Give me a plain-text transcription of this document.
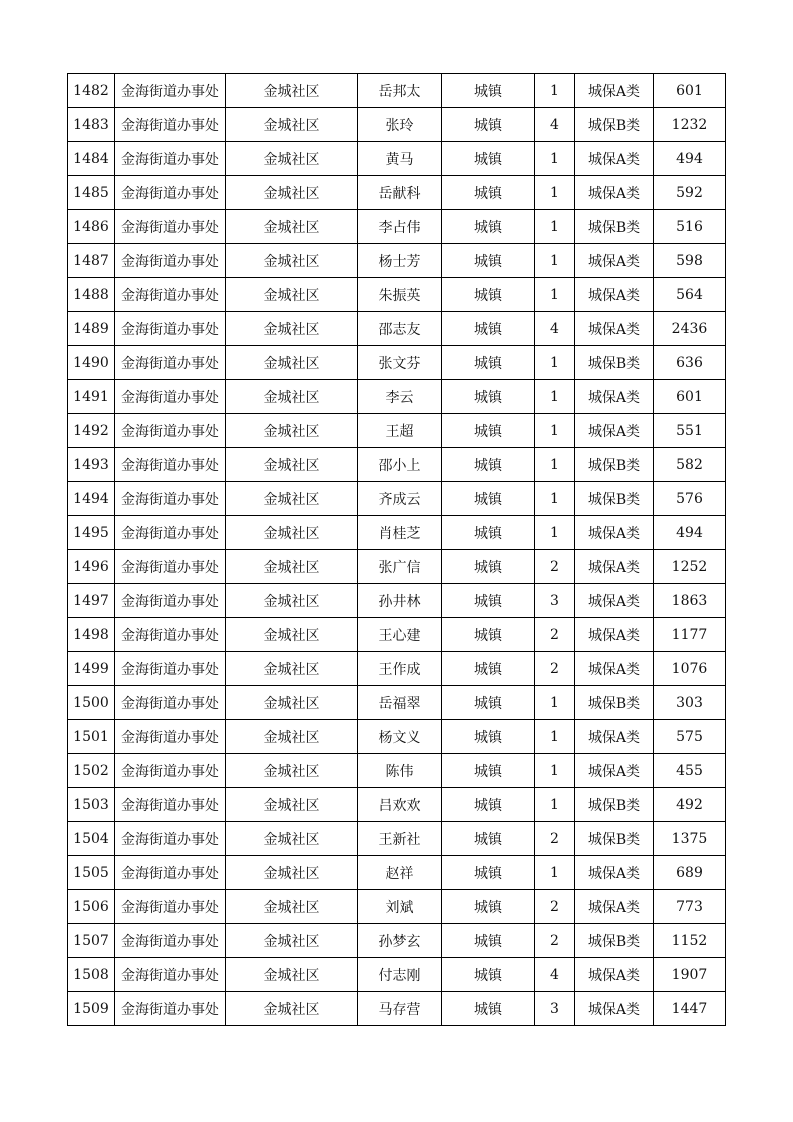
1482	金海街道办事处	金城社区	岳邦太	城镇	1	城保A类	601
1483	金海街道办事处	金城社区	张玲	城镇	4	城保B类	1232
1484	金海街道办事处	金城社区	黄马	城镇	1	城保A类	494
1485	金海街道办事处	金城社区	岳献科	城镇	1	城保A类	592
1486	金海街道办事处	金城社区	李占伟	城镇	1	城保B类	516
1487	金海街道办事处	金城社区	杨士芳	城镇	1	城保A类	598
1488	金海街道办事处	金城社区	朱振英	城镇	1	城保A类	564
1489	金海街道办事处	金城社区	邵志友	城镇	4	城保A类	2436
1490	金海街道办事处	金城社区	张文芬	城镇	1	城保B类	636
1491	金海街道办事处	金城社区	李云	城镇	1	城保A类	601
1492	金海街道办事处	金城社区	王超	城镇	1	城保A类	551
1493	金海街道办事处	金城社区	邵小上	城镇	1	城保B类	582
1494	金海街道办事处	金城社区	齐成云	城镇	1	城保B类	576
1495	金海街道办事处	金城社区	肖桂芝	城镇	1	城保A类	494
1496	金海街道办事处	金城社区	张广信	城镇	2	城保A类	1252
1497	金海街道办事处	金城社区	孙井林	城镇	3	城保A类	1863
1498	金海街道办事处	金城社区	王心建	城镇	2	城保A类	1177
1499	金海街道办事处	金城社区	王作成	城镇	2	城保A类	1076
1500	金海街道办事处	金城社区	岳福翠	城镇	1	城保B类	303
1501	金海街道办事处	金城社区	杨文义	城镇	1	城保A类	575
1502	金海街道办事处	金城社区	陈伟	城镇	1	城保A类	455
1503	金海街道办事处	金城社区	吕欢欢	城镇	1	城保B类	492
1504	金海街道办事处	金城社区	王新社	城镇	2	城保B类	1375
1505	金海街道办事处	金城社区	赵祥	城镇	1	城保A类	689
1506	金海街道办事处	金城社区	刘斌	城镇	2	城保A类	773
1507	金海街道办事处	金城社区	孙梦玄	城镇	2	城保B类	1152
1508	金海街道办事处	金城社区	付志刚	城镇	4	城保A类	1907
1509	金海街道办事处	金城社区	马存营	城镇	3	城保A类	1447
